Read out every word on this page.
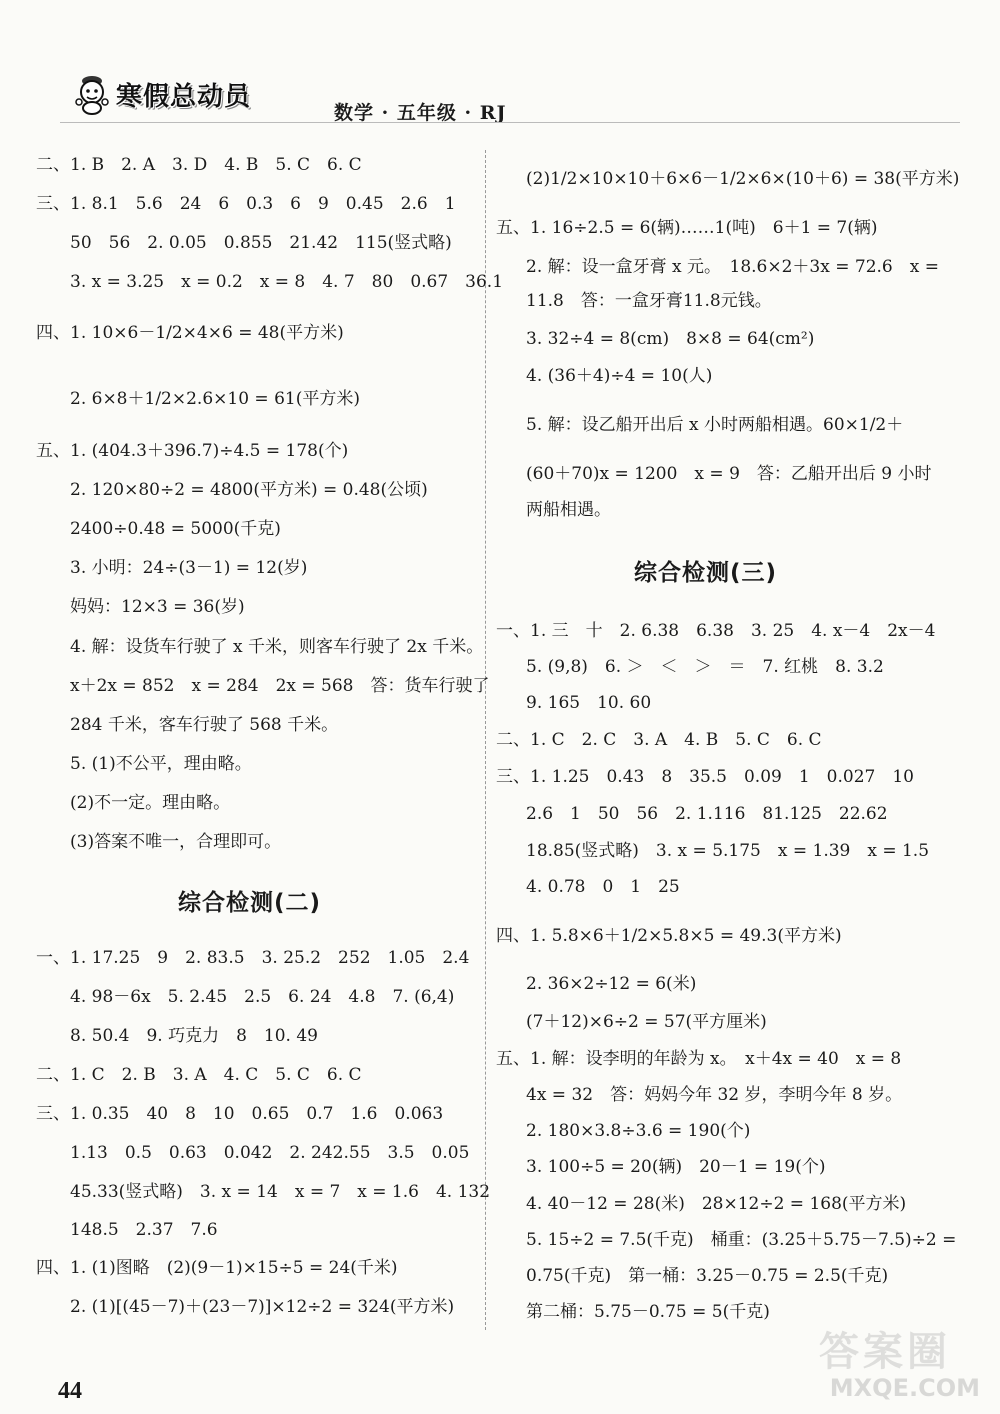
寒假总动员
数学 · 五年级 · RJ
二、1. B　2. A　3. D　4. B　5. C　6. C
三、1. 8.1　5.6　24　6　0.3　6　9　0.45　2.6　1
50　56　2. 0.05　0.855　21.42　115(竖式略)
3. x = 3.25　x = 0.2　x = 8　4. 7　80　0.67　36.1
四、1. 10×6－1/2×4×6 = 48(平方米)
2. 6×8＋1/2×2.6×10 = 61(平方米)
五、1. (404.3＋396.7)÷4.5 = 178(个)
2. 120×80÷2 = 4800(平方米) = 0.48(公顷)
2400÷0.48 = 5000(千克)
3. 小明：24÷(3－1) = 12(岁)
妈妈：12×3 = 36(岁)
4. 解：设货车行驶了 x 千米，则客车行驶了 2x 千米。
x＋2x = 852　x = 284　2x = 568　答：货车行驶了
284 千米，客车行驶了 568 千米。
5. (1)不公平，理由略。
(2)不一定。理由略。
(3)答案不唯一，合理即可。
综合检测(二)
一、1. 17.25　9　2. 83.5　3. 25.2　252　1.05　2.4
4. 98－6x　5. 2.45　2.5　6. 24　4.8　7. (6,4)
8. 50.4　9. 巧克力　8　10. 49
二、1. C　2. B　3. A　4. C　5. C　6. C
三、1. 0.35　40　8　10　0.65　0.7　1.6　0.063
1.13　0.5　0.63　0.042　2. 242.55　3.5　0.05
45.33(竖式略)　3. x = 14　x = 7　x = 1.6　4. 132
148.5　2.37　7.6
四、1. (1)图略　(2)(9－1)×15÷5 = 24(千米)
2. (1)[(45－7)＋(23－7)]×12÷2 = 324(平方米)
(2)1/2×10×10＋6×6－1/2×6×(10＋6) = 38(平方米)
五、1. 16÷2.5 = 6(辆)……1(吨)　6＋1 = 7(辆)
2. 解：设一盒牙膏 x 元。　18.6×2＋3x = 72.6　x =
11.8　答：一盒牙膏11.8元钱。
3. 32÷4 = 8(cm)　8×8 = 64(cm²)
4. (36＋4)÷4 = 10(人)
5. 解：设乙船开出后 x 小时两船相遇。60×1/2＋
(60＋70)x = 1200　x = 9　答：乙船开出后 9 小时
两船相遇。
综合检测(三)
一、1. 三　十　2. 6.38　6.38　3. 25　4. x－4　2x－4
5. (9,8)　6. ＞　＜　＞　＝　7. 红桃　8. 3.2
9. 165　10. 60
二、1. C　2. C　3. A　4. B　5. C　6. C
三、1. 1.25　0.43　8　35.5　0.09　1　0.027　10
2.6　1　50　56　2. 1.116　81.125　22.62
18.85(竖式略)　3. x = 5.175　x = 1.39　x = 1.5
4. 0.78　0　1　25
四、1. 5.8×6＋1/2×5.8×5 = 49.3(平方米)
2. 36×2÷12 = 6(米)
(7＋12)×6÷2 = 57(平方厘米)
五、1. 解：设李明的年龄为 x。　x＋4x = 40　x = 8
4x = 32　答：妈妈今年 32 岁，李明今年 8 岁。
2. 180×3.8÷3.6 = 190(个)
3. 100÷5 = 20(辆)　20－1 = 19(个)
4. 40－12 = 28(米)　28×12÷2 = 168(平方米)
5. 15÷2 = 7.5(千克)　桶重：(3.25＋5.75－7.5)÷2 =
0.75(千克)　第一桶：3.25－0.75 = 2.5(千克)
第二桶：5.75－0.75 = 5(千克)
44
答案圈
MXQE.COM
